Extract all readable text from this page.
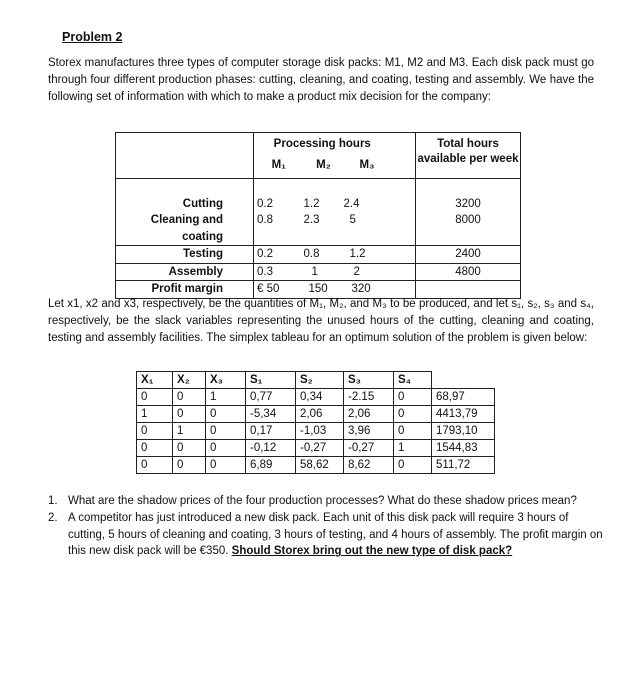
Problem 2
Storex manufactures three types of computer storage disk packs: M1, M2 and M3. Each disk pack must go through four different production phases: cutting, cleaning, and coating, testing and assembly. We have the following set of information with which to make a product mix decision for the company:
	Processing hours				Total hours
	M₁	M₂	M₃		available per week

Cutting	0.2	1.2	2.4		3200
Cleaning and	0.8	2.3	5		8000
coating					
Testing	0.2	0.8	1.2		2400
Assembly	0.3	1	2		4800
Profit margin	€ 50	150	320		
Let x1, x2 and x3, respectively, be the quantities of M₁, M₂, and M₃ to be produced, and let s₁, s₂, s₃ and s₄, respectively, be the slack variables representing the unused hours of the cutting, cleaning and coating, testing and assembly facilities. The simplex tableau for an optimum solution of the problem is given below:
X₁	X₂	X₃	S₁	S₂	S₃	S₄	
0	0	1	0,77	0,34	-2.15	0	68,97
1	0	0	-5,34	2,06	2,06	0	4413,79
0	1	0	0,17	-1,03	3,96	0	1793,10
0	0	0	-0,12	-0,27	-0,27	1	1544,83
0	0	0	6,89	58,62	8,62	0	511,72
1. What are the shadow prices of the four production processes? What do these shadow prices mean?
2. A competitor has just introduced a new disk pack. Each unit of this disk pack will require 3 hours of cutting, 5 hours of cleaning and coating, 3 hours of testing, and 4 hours of assembly. The profit margin on this new disk pack will be €350. Should Storex bring out the new type of disk pack?
